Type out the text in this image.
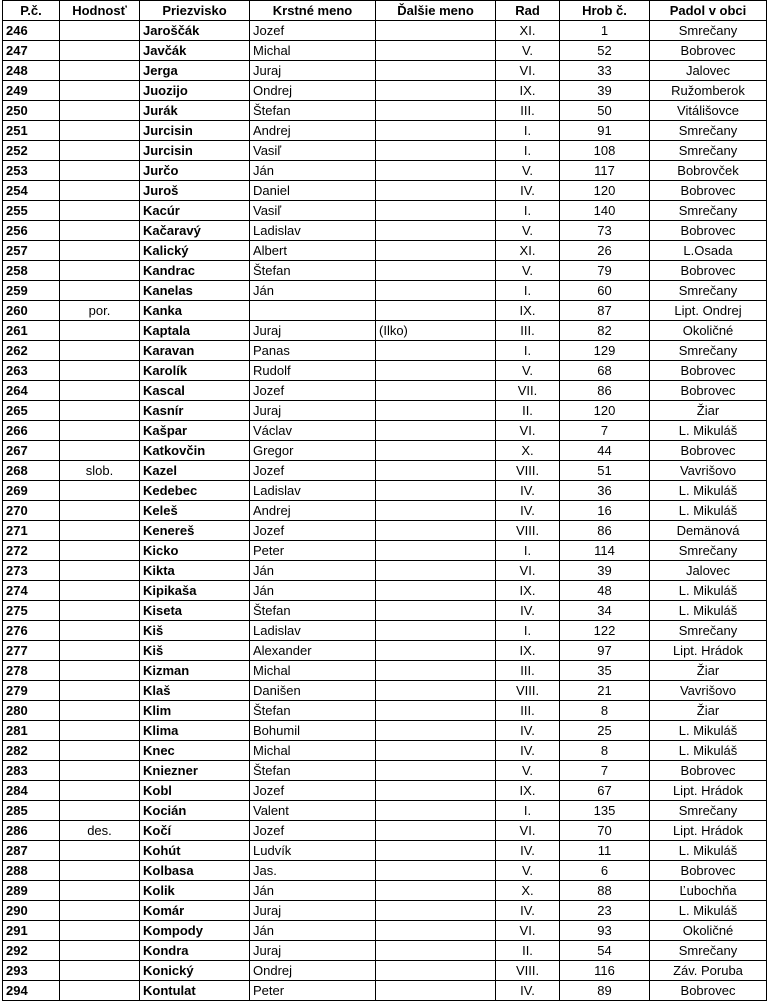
P.č.	Hodnosť	Priezvisko	Krstné meno	Ďalšie meno	Rad	Hrob č.	Padol v obci
246		Jaroščák	Jozef		XI.	1	Smrečany
247		Javčák	Michal		V.	52	Bobrovec
248		Jerga	Juraj		VI.	33	Jalovec
249		Juozijo	Ondrej		IX.	39	Ružomberok
250		Jurák	Štefan		III.	50	Vitálišovce
251		Jurcisin	Andrej		I.	91	Smrečany
252		Jurcisin	Vasiľ		I.	108	Smrečany
253		Jurčo	Ján		V.	117	Bobrovček
254		Juroš	Daniel		IV.	120	Bobrovec
255		Kacúr	Vasiľ		I.	140	Smrečany
256		Kačaravý	Ladislav		V.	73	Bobrovec
257		Kalický	Albert		XI.	26	L.Osada
258		Kandrac	Štefan		V.	79	Bobrovec
259		Kanelas	Ján		I.	60	Smrečany
260	por.	Kanka			IX.	87	Lipt. Ondrej
261		Kaptala	Juraj	(Ilko)	III.	82	Okoličné
262		Karavan	Panas		I.	129	Smrečany
263		Karolík	Rudolf		V.	68	Bobrovec
264		Kascal	Jozef		VII.	86	Bobrovec
265		Kasnír	Juraj		II.	120	Žiar
266		Kašpar	Václav		VI.	7	L. Mikuláš
267		Katkovčin	Gregor		X.	44	Bobrovec
268	slob.	Kazel	Jozef		VIII.	51	Vavrišovo
269		Kedebec	Ladislav		IV.	36	L. Mikuláš
270		Keleš	Andrej		IV.	16	L. Mikuláš
271		Kenereš	Jozef		VIII.	86	Demänová
272		Kicko	Peter		I.	114	Smrečany
273		Kikta	Ján		VI.	39	Jalovec
274		Kipikaša	Ján		IX.	48	L. Mikuláš
275		Kiseta	Štefan		IV.	34	L. Mikuláš
276		Kiš	Ladislav		I.	122	Smrečany
277		Kiš	Alexander		IX.	97	Lipt. Hrádok
278		Kizman	Michal		III.	35	Žiar
279		Klaš	Danišen		VIII.	21	Vavrišovo
280		Klim	Štefan		III.	8	Žiar
281		Klima	Bohumil		IV.	25	L. Mikuláš
282		Knec	Michal		IV.	8	L. Mikuláš
283		Kniezner	Štefan		V.	7	Bobrovec
284		Kobl	Jozef		IX.	67	Lipt. Hrádok
285		Kocián	Valent		I.	135	Smrečany
286	des.	Kočí	Jozef		VI.	70	Lipt. Hrádok
287		Kohút	Ludvík		IV.	11	L. Mikuláš
288		Kolbasa	Jas.		V.	6	Bobrovec
289		Kolik	Ján		X.	88	Ľubochňa
290		Komár	Juraj		IV.	23	L. Mikuláš
291		Kompody	Ján		VI.	93	Okoličné
292		Kondra	Juraj		II.	54	Smrečany
293		Konický	Ondrej		VIII.	116	Záv. Poruba
294		Kontulat	Peter		IV.	89	Bobrovec
